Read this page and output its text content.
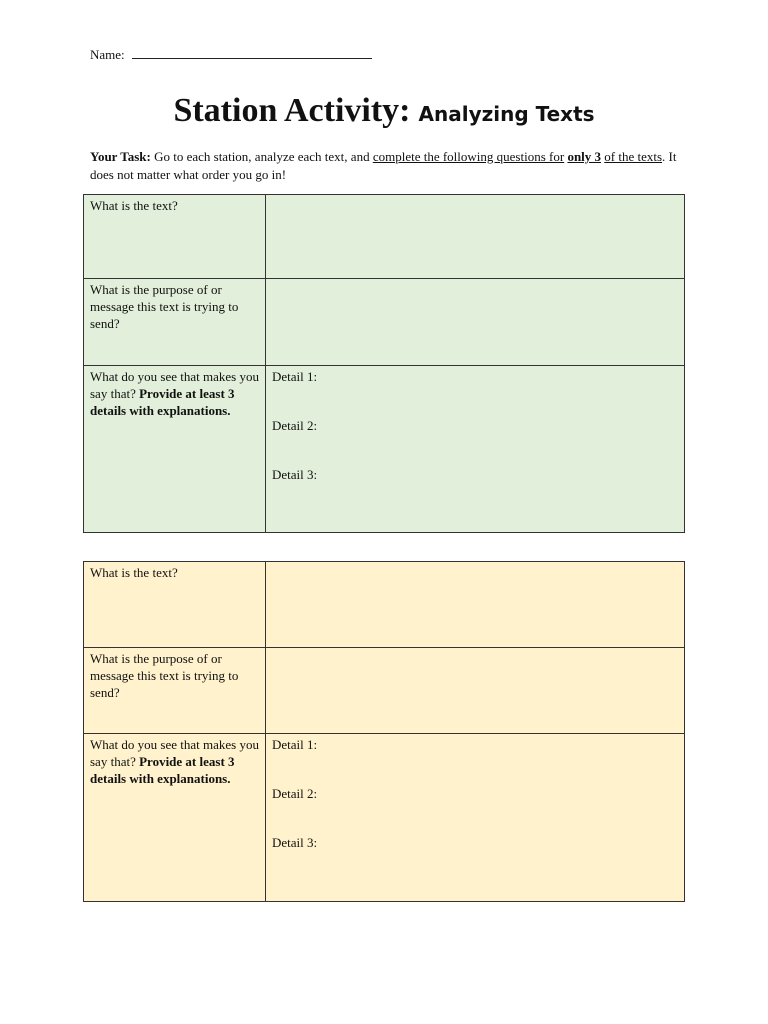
Name:
Station Activity: Analyzing Texts
Your Task: Go to each station, analyze each text, and complete the following questions for only 3 of the texts. It does not matter what order you go in!
What is the text?	
What is the purpose of or message this text is trying to send?	
What do you see that makes you say that? Provide at least 3 details with explanations.	Detail 1:
Detail 2:
Detail 3:
What is the text?	
What is the purpose of or message this text is trying to send?	
What do you see that makes you say that? Provide at least 3 details with explanations.	Detail 1:
Detail 2:
Detail 3:
